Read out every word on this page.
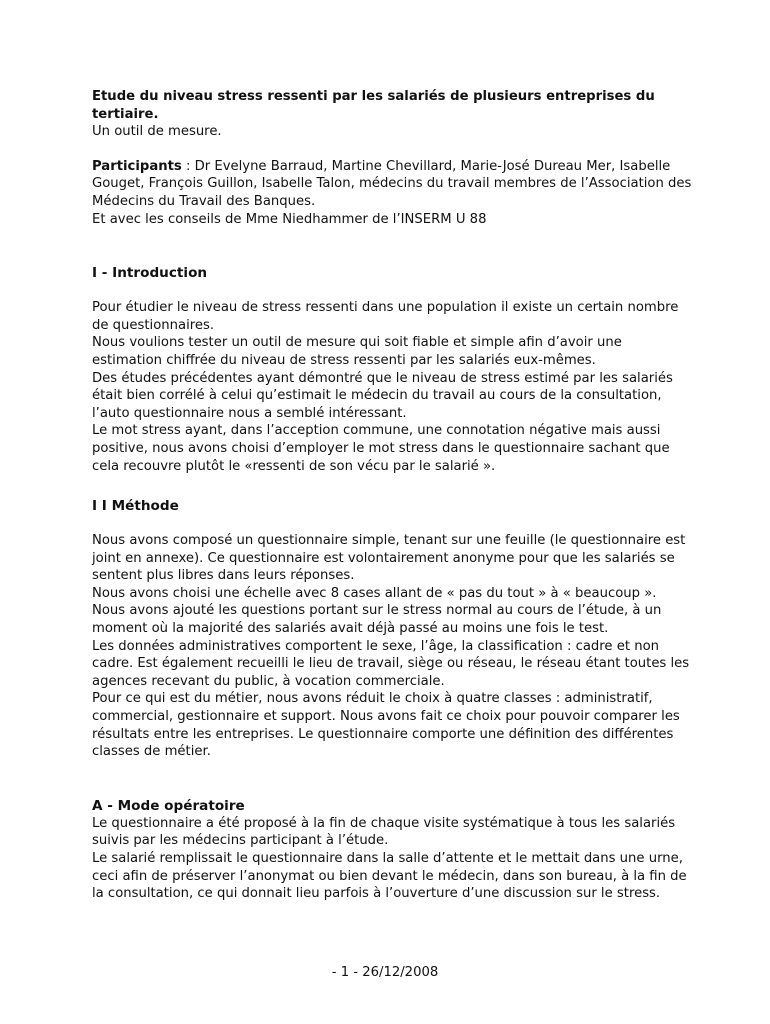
Etude du niveau stress ressenti par les salariés de plusieurs entreprises du

tertiaire.

Un outil de mesure.

Participants : Dr Evelyne Barraud, Martine Chevillard, Marie-José Dureau Mer, Isabelle Gouget, François Guillon, Isabelle Talon, médecins du travail membres de l’Association des Médecins du Travail des Banques.

Et avec les conseils de Mme Niedhammer de l’INSERM U 88

I - Introduction

Pour étudier le niveau de stress ressenti dans une population il existe un certain nombre de questionnaires.

Nous voulions tester un outil de mesure qui soit fiable et simple afin d’avoir une estimation chiffrée du niveau de stress ressenti par les salariés eux-mêmes.

Des études précédentes ayant démontré que le niveau de stress estimé par les salariés était bien corrélé à celui qu’estimait le médecin du travail au cours de la consultation, l’auto questionnaire nous a semblé intéressant.

Le mot stress ayant, dans l’acception commune, une connotation négative mais aussi positive, nous avons choisi d’employer le mot stress dans le questionnaire sachant que cela recouvre plutôt le «ressenti de son vécu par le salarié ».

I I Méthode

Nous avons composé un questionnaire simple, tenant sur une feuille (le questionnaire est joint en annexe). Ce questionnaire est volontairement anonyme pour que les salariés se sentent plus libres dans leurs réponses.

Nous avons choisi une échelle avec 8 cases allant de « pas du tout » à « beaucoup ».

Nous avons ajouté les questions portant sur le stress normal au cours de l’étude, à un moment où la majorité des salariés avait déjà passé au moins une fois le test.

Les données administratives comportent le sexe, l’âge, la classification : cadre et non cadre. Est également recueilli le lieu de travail, siège ou réseau, le réseau étant toutes les agences recevant du public, à vocation commerciale.

Pour ce qui est du métier, nous avons réduit le choix à quatre classes : administratif, commercial, gestionnaire et support. Nous avons fait ce choix pour pouvoir comparer les résultats entre les entreprises. Le questionnaire comporte une définition des différentes classes de métier.

A - Mode opératoire

Le questionnaire a été proposé à la fin de chaque visite systématique à tous les salariés suivis par les médecins participant à l’étude.

Le salarié remplissait le questionnaire dans la salle d’attente et le mettait dans une urne, ceci afin de préserver l’anonymat ou bien devant le médecin, dans son bureau, à la fin de la consultation, ce qui donnait lieu parfois à l’ouverture d’une discussion sur le stress.

- 1 - 26/12/2008
